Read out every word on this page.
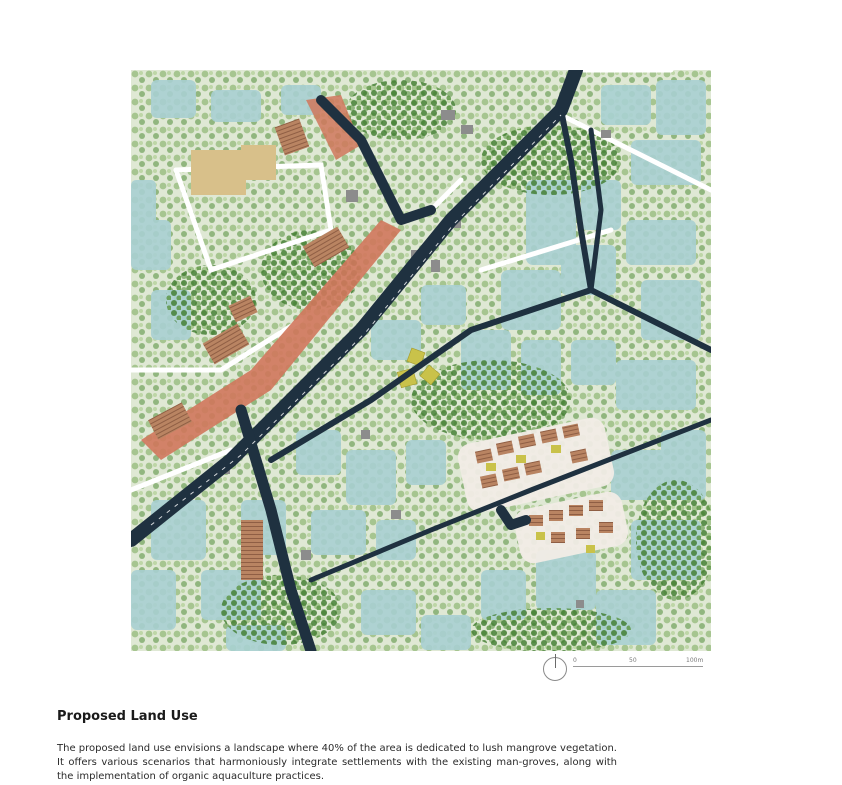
0	50	100m
Proposed Land Use

The proposed land use envisions a landscape where 40% of the area is dedicated to lush mangrove vegetation. It offers various scenarios that harmoniously integrate settlements with the existing man-groves, along with the implementation of organic aquaculture practices.
